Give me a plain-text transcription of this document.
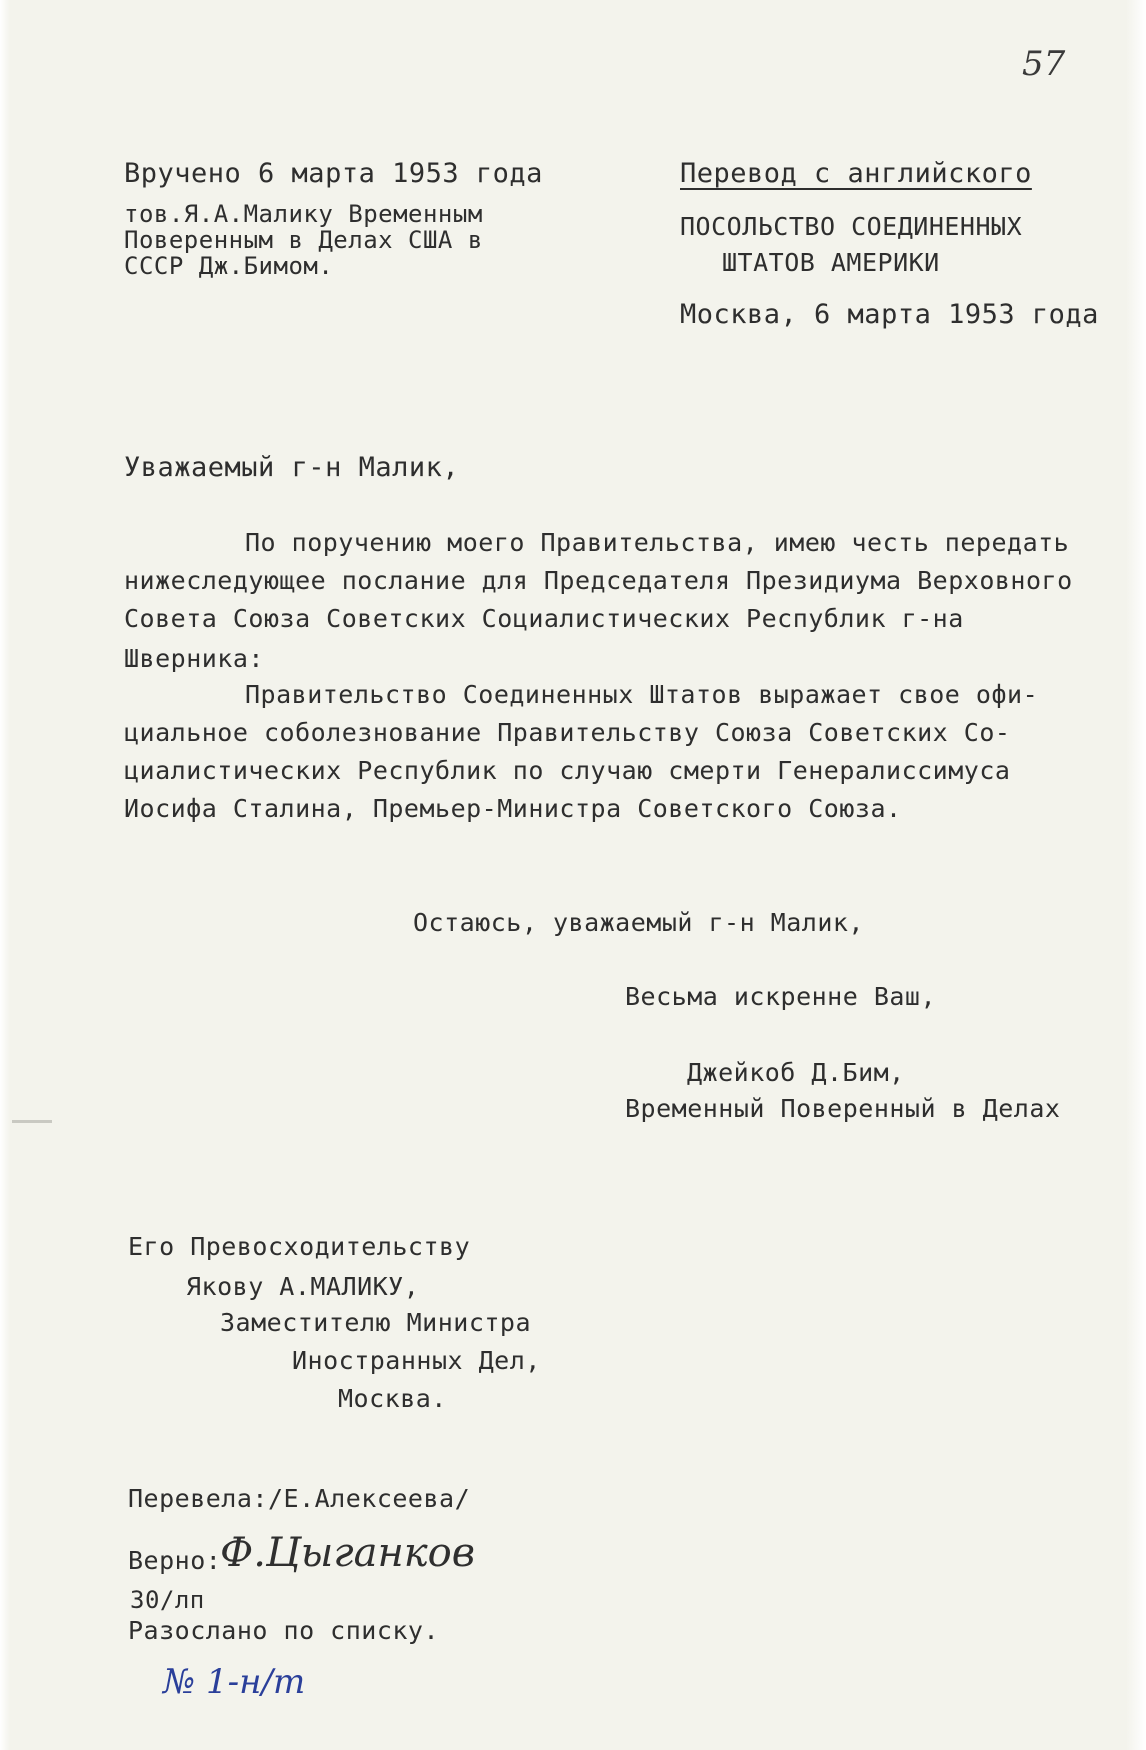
57
Вручено 6 марта 1953 года
тов.Я.А.Малику Временным
Поверенным в Делах США в
СССР Дж.Бимом.
Перевод с английского
ПОСОЛЬСТВО СОЕДИНЕННЫХ
ШТАТОВ АМЕРИКИ
Москва, 6 марта 1953 года
Уважаемый г-н Малик,
По поручению моего Правительства, имею честь передать
нижеследующее послание для Председателя Президиума Верховного
Совета Союза Советских Социалистических Республик г-на
Шверника:
Правительство Соединенных Штатов выражает свое офи-
циальное соболезнование Правительству Союза Советских Со-
циалистических Республик по случаю смерти Генералиссимуса
Иосифа Сталина, Премьер-Министра Советского Союза.
Остаюсь, уважаемый г-н Малик,
Весьма искренне Ваш,
Джейкоб Д.Бим,
Временный Поверенный в Делах
Его Превосходительству
Якову А.МАЛИКУ,
Заместителю Министра
Иностранных Дел,
Москва.
Перевела:/Е.Алексеева/
Верно:
Ф.Цыганков
30/лп
Разослано по списку.
№ 1-н/т
